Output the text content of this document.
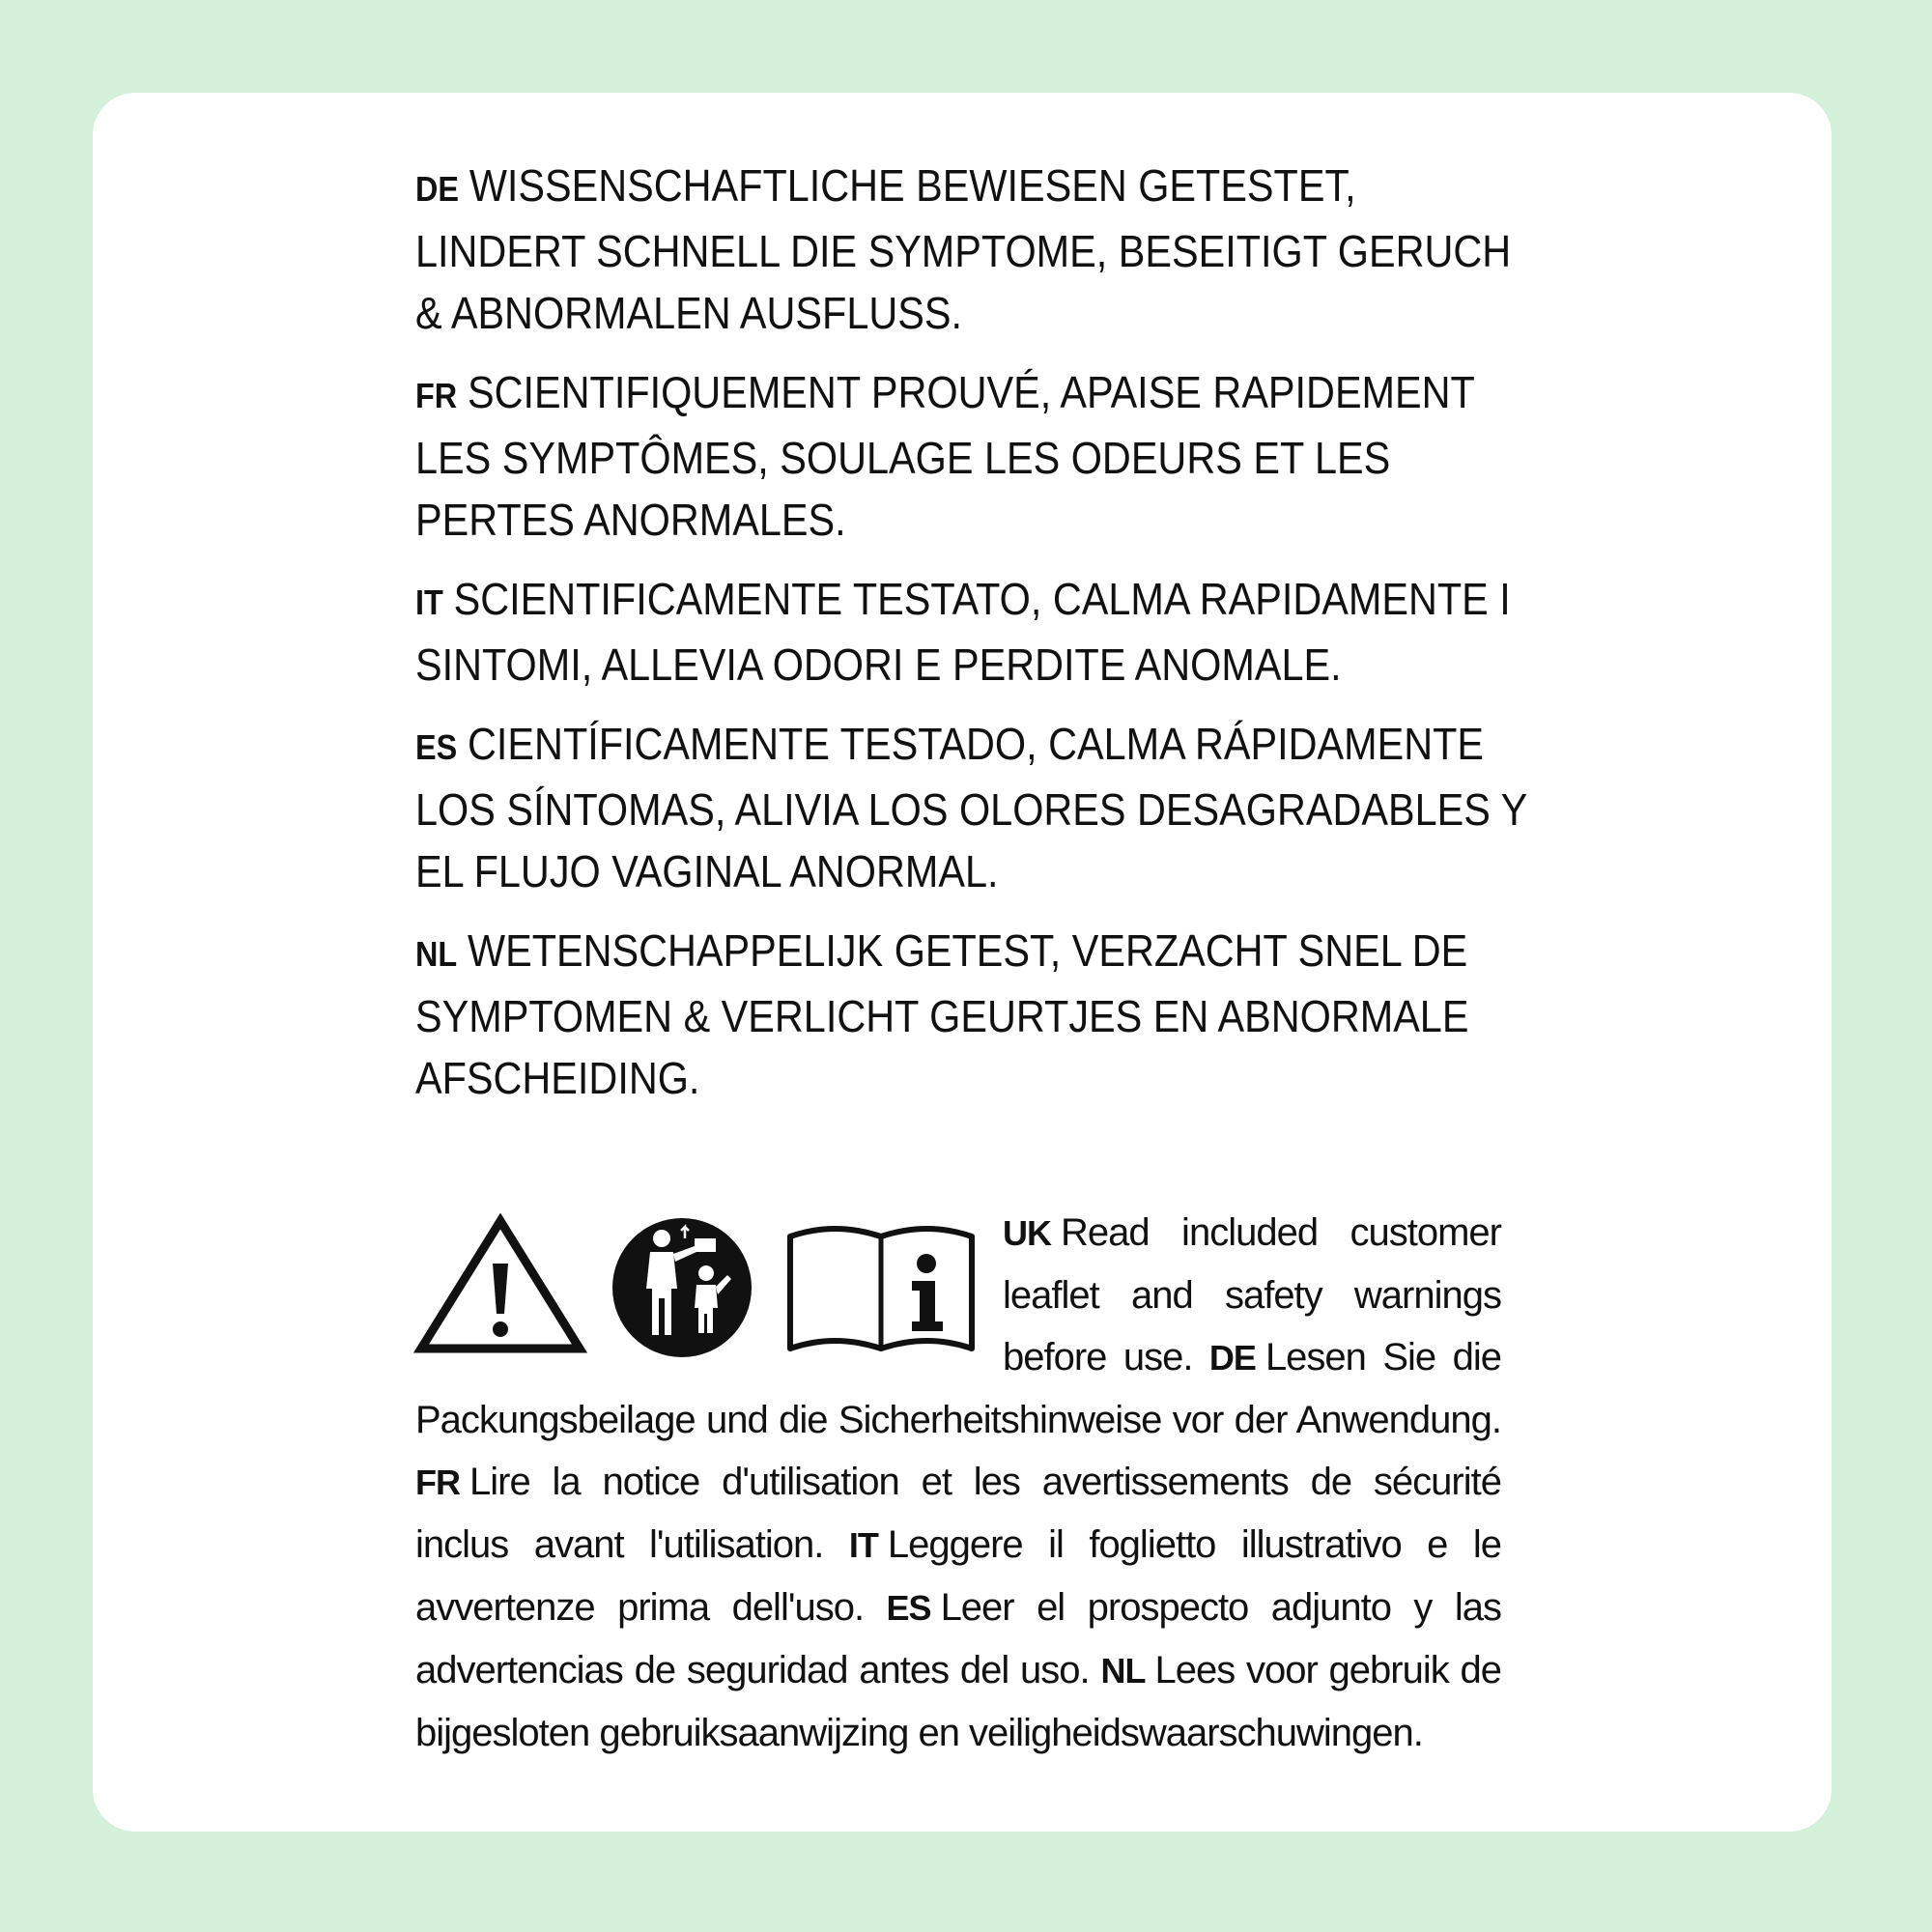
DE WISSENSCHAFTLICHE BEWIESEN GETESTET, LINDERT SCHNELL DIE SYMPTOME, BESEITIGT GERUCH & ABNORMALEN AUSFLUSS.

FR SCIENTIFIQUEMENT PROUVÉ, APAISE RAPIDEMENT LES SYMPTÔMES, SOULAGE LES ODEURS ET LES PERTES ANORMALES.

IT SCIENTIFICAMENTE TESTATO, CALMA RAPIDAMENTE I SINTOMI, ALLEVIA ODORI E PERDITE ANOMALE.

ES CIENTÍFICAMENTE TESTADO, CALMA RÁPIDAMENTE LOS SÍNTOMAS, ALIVIA LOS OLORES DESAGRADABLES Y EL FLUJO VAGINAL ANORMAL.

NL WETENSCHAPPELIJK GETEST, VERZACHT SNEL DE SYMPTOMEN & VERLICHT GEURTJES EN ABNORMALE AFSCHEIDING.

UK Read included customer leaflet and safety warnings before use. DE Lesen Sie die Packungsbeilage und die Sicherheitshinweise vor der Anwendung. FR Lire la notice d'utilisation et les avertissements de sécurité inclus avant l'utilisation. IT Leggere il foglietto illustrativo e le avvertenze prima dell'uso. ES Leer el prospecto adjunto y las advertencias de seguridad antes del uso. NL Lees voor gebruik de bijgesloten gebruiksaanwijzing en veiligheidswaarschuwingen.
